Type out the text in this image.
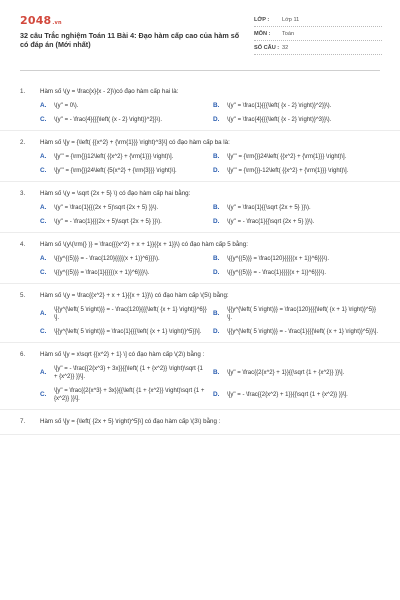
2048.vn
32 câu Trắc nghiệm Toán 11 Bài 4: Đạo hàm cấp cao của hàm số có đáp án (Mới nhất)
LỚP :	Lớp 11
MÔN :	Toán
SỐ CÂU : 32
1.	Hàm số \(y = \frac{x}{x - 2}\)có đạo hàm cấp hai là:
A.	\(y'' = 0\).	B.	\(y'' = \frac{1}{{{\left( {x - 2} \right)}^2}}\).
C.	\(y'' = - \frac{4}{{{\left( {x - 2} \right)}^2}}\).	D.	\(y'' = \frac{4}{{{\left( {x - 2} \right)}^3}}\).
2.	Hàm số \[y = {\left( {{x^2} + {\rm{1}}} \right)^3}\] có đạo hàm cấp ba là:
A.	\[y''' = {\rm{}}12\left( {{x^2} + {\rm{1}}} \right)\].	B.	\[y''' = {\rm{}}24\left( {{x^2} + {\rm{1}}} \right)\].
C.	\[y''' = {\rm{}}24\left( {5{x^2} + {\rm{3}}} \right)\].	D.	\[y''' = {\rm{}}-12\left( {{x^2} + {\rm{1}}} \right)\].
3.	Hàm số \(y = \sqrt {2x + 5} \) có đạo hàm cấp hai bằng:
A.	\(y'' = \frac{1}{{(2x + 5)\sqrt {2x + 5} }}\).	B.	\(y'' = \frac{1}{{\sqrt {2x + 5} }}\).
C.	\(y'' = - \frac{1}{{(2x + 5)\sqrt {2x + 5} }}\).	D.	\(y'' = - \frac{1}{{\sqrt {2x + 5} }}\).
4.	Hàm số \(y\(\rm{} )} = \frac{{{x^2} + x + 1}}{{x + 1}}\) có đạo hàm cấp 5 bằng:
A.	\({y^{(5)}} = - \frac{120}{{{{(x + 1)}^6}}}\).	B.	\({y^{(5)}} = \frac{120}{{{{(x + 1)}^6}}}\).
C.	\({y^{(5)}} = \frac{1}{{{{(x + 1)}^6}}}\).	D.	\({y^{(5)}} = - \frac{1}{{{{(x + 1)}^6}}}\).
5.	Hàm số \(y = \frac{{x^2} + x + 1}{{x + 1}}\) có đạo hàm cấp \(5\) bằng:
A.	\[{y^{\left( 5 \right)}} = - \frac{120}{{{\left( {x + 1} \right)}^6}}\].
B.	\[{y^{\left( 5 \right)}} = \frac{120}{{{\left( {x + 1} \right)}^5}}\].
C.	\[{y^{\left( 5 \right)}} = \frac{1}{{{\left( {x + 1} \right)}^5}}\]. D.	\[{y^{\left( 5 \right)}} = - \frac{1}{{{\left( {x + 1} \right)}^5}}\].
6.	Hàm số \[y = x\sqrt {{x^2} + 1} \] có đạo hàm cấp \(2\) bằng :
A.	\[y'' = - \frac{{2{x^3} + 3x}}{{\left( {1 + {x^2}} \right)\sqrt {1 + {x^2}} }}\].
B.	\[y'' = \frac{{2{x^2} + 1}}{{\sqrt {1 + {x^2}} }}\].
C.	\[y'' = \frac{{2{x^3} + 3x}}{{\left( {1 + {x^2}} \right)\sqrt {1 + {x^2}} }}\].
D.	\[y'' = - \frac{{2{x^2} + 1}}{{\sqrt {1 + {x^2}} }}\].
7.	Hàm số \[y = {\left( {2x + 5} \right)^5}\] có đạo hàm cấp \(3\) bằng :
